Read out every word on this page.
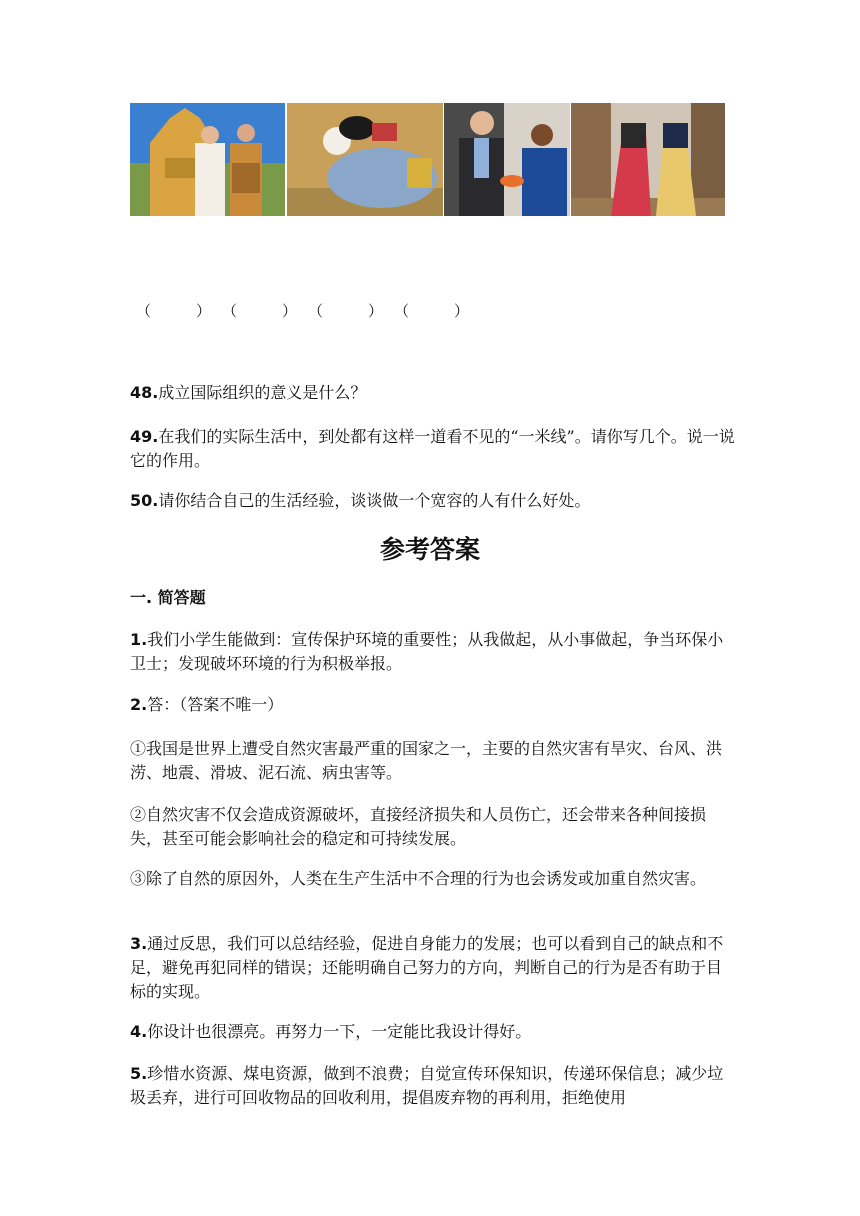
（　　　） （　　　） （　　　） （　　　）
48.成立国际组织的意义是什么？
49.在我们的实际生活中，到处都有这样一道看不见的“一米线”。请你写几个。说一说它的作用。
50.请你结合自己的生活经验，谈谈做一个宽容的人有什么好处。
参考答案
一. 简答题
1.我们小学生能做到：宣传保护环境的重要性；从我做起，从小事做起，争当环保小卫士；发现破坏环境的行为积极举报。
2.答：（答案不唯一）
①我国是世界上遭受自然灾害最严重的国家之一，主要的自然灾害有旱灾、台风、洪涝、地震、滑坡、泥石流、病虫害等。
②自然灾害不仅会造成资源破坏，直接经济损失和人员伤亡，还会带来各种间接损失，甚至可能会影响社会的稳定和可持续发展。
③除了自然的原因外，人类在生产生活中不合理的行为也会诱发或加重自然灾害。
3.通过反思，我们可以总结经验，促进自身能力的发展；也可以看到自己的缺点和不足，避免再犯同样的错误；还能明确自己努力的方向，判断自己的行为是否有助于目标的实现。
4.你设计也很漂亮。再努力一下，一定能比我设计得好。
5.珍惜水资源、煤电资源，做到不浪费；自觉宣传环保知识，传递环保信息；减少垃圾丢弃，进行可回收物品的回收利用，提倡废弃物的再利用，拒绝使用
